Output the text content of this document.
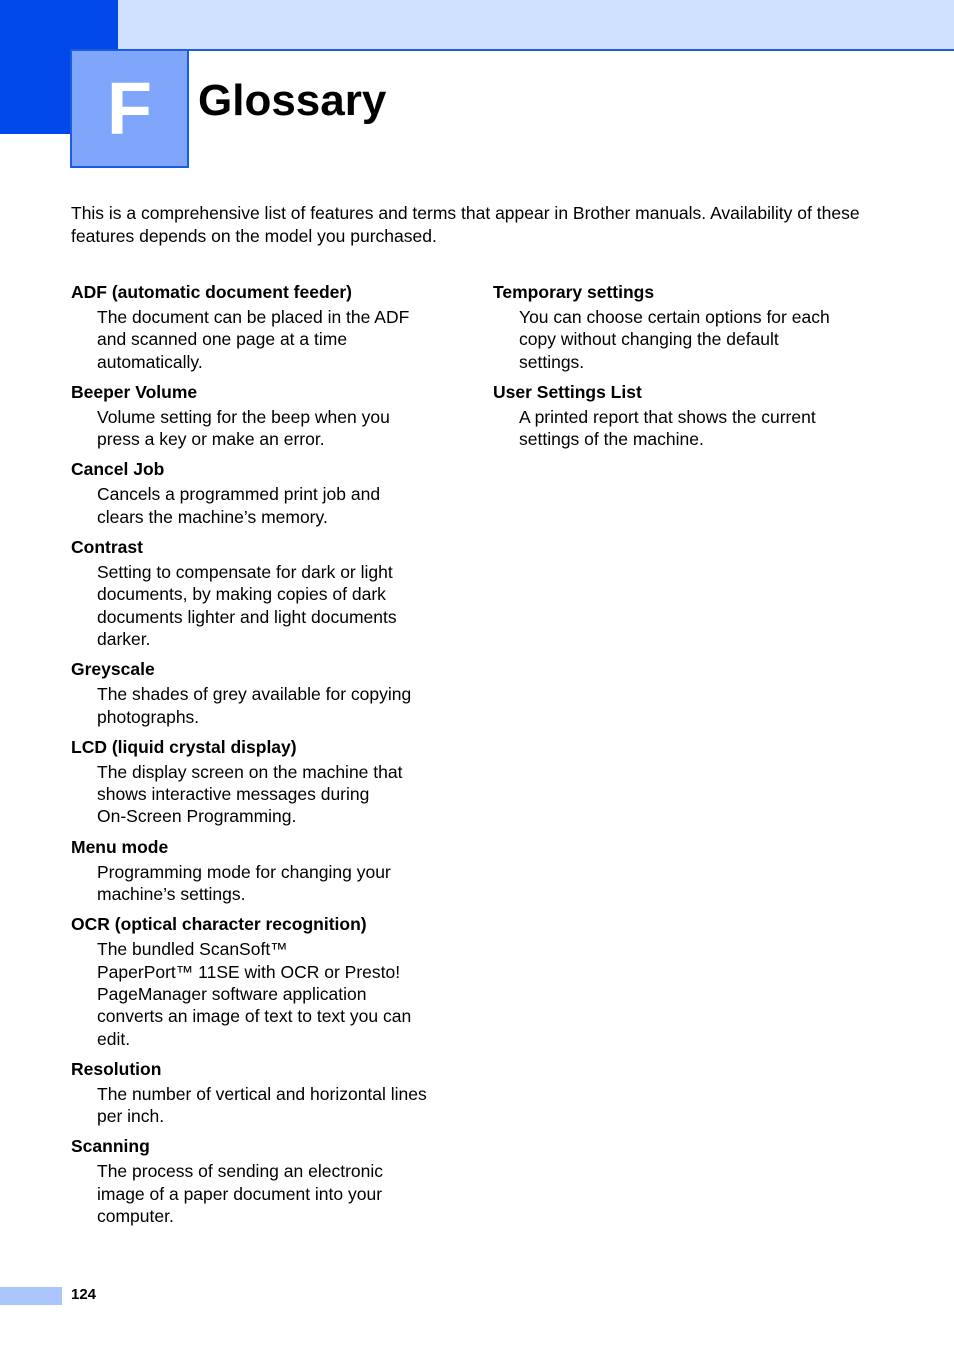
F	Glossary

This is a comprehensive list of features and terms that appear in Brother manuals. Availability of these features depends on the model you purchased.

ADF (automatic document feeder)
The document can be placed in the ADF
and scanned one page at a time
automatically.
Beeper Volume
Volume setting for the beep when you
press a key or make an error.
Cancel Job
Cancels a programmed print job and
clears the machine’s memory.
Contrast
Setting to compensate for dark or light
documents, by making copies of dark
documents lighter and light documents
darker.
Greyscale
The shades of grey available for copying
photographs.
LCD (liquid crystal display)
The display screen on the machine that
shows interactive messages during
On-Screen Programming.
Menu mode
Programming mode for changing your
machine’s settings.
OCR (optical character recognition)
The bundled ScanSoft™
PaperPort™ 11SE with OCR or Presto!
PageManager software application
converts an image of text to text you can
edit.
Resolution
The number of vertical and horizontal lines
per inch.
Scanning
The process of sending an electronic
image of a paper document into your
computer.
Temporary settings
You can choose certain options for each
copy without changing the default
settings.
User Settings List
A printed report that shows the current
settings of the machine.
124
